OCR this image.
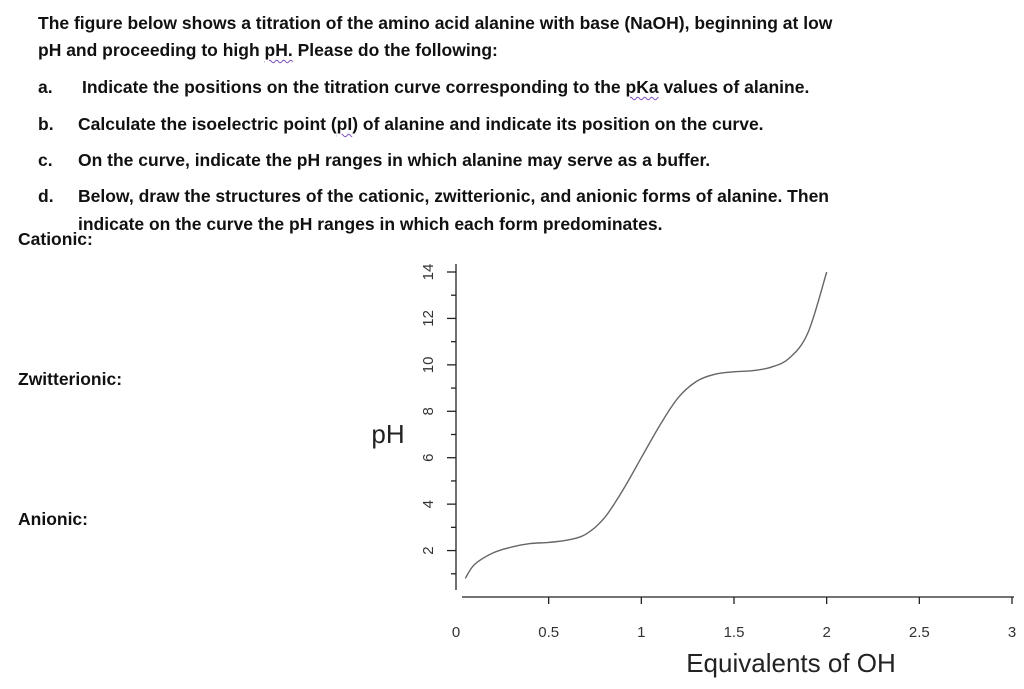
The figure below shows a titration of the amino acid alanine with base (NaOH), beginning at low
pH and proceeding to high pH. Please do the following:
a. Indicate the positions on the titration curve corresponding to the pKa values of alanine.
b. Calculate the isoelectric point (pI) of alanine and indicate its position on the curve.
c. On the curve, indicate the pH ranges in which alanine may serve as a buffer.
d. Below, draw the structures of the cationic, zwitterionic, and anionic forms of alanine. Then
indicate on the curve the pH ranges in which each form predominates.
Cationic:
Zwitterionic:
Anionic:
2
4
6
8
10
12
14
0	0.5	1	1.5	2	2.5	3
pH
Equivalents of OH
